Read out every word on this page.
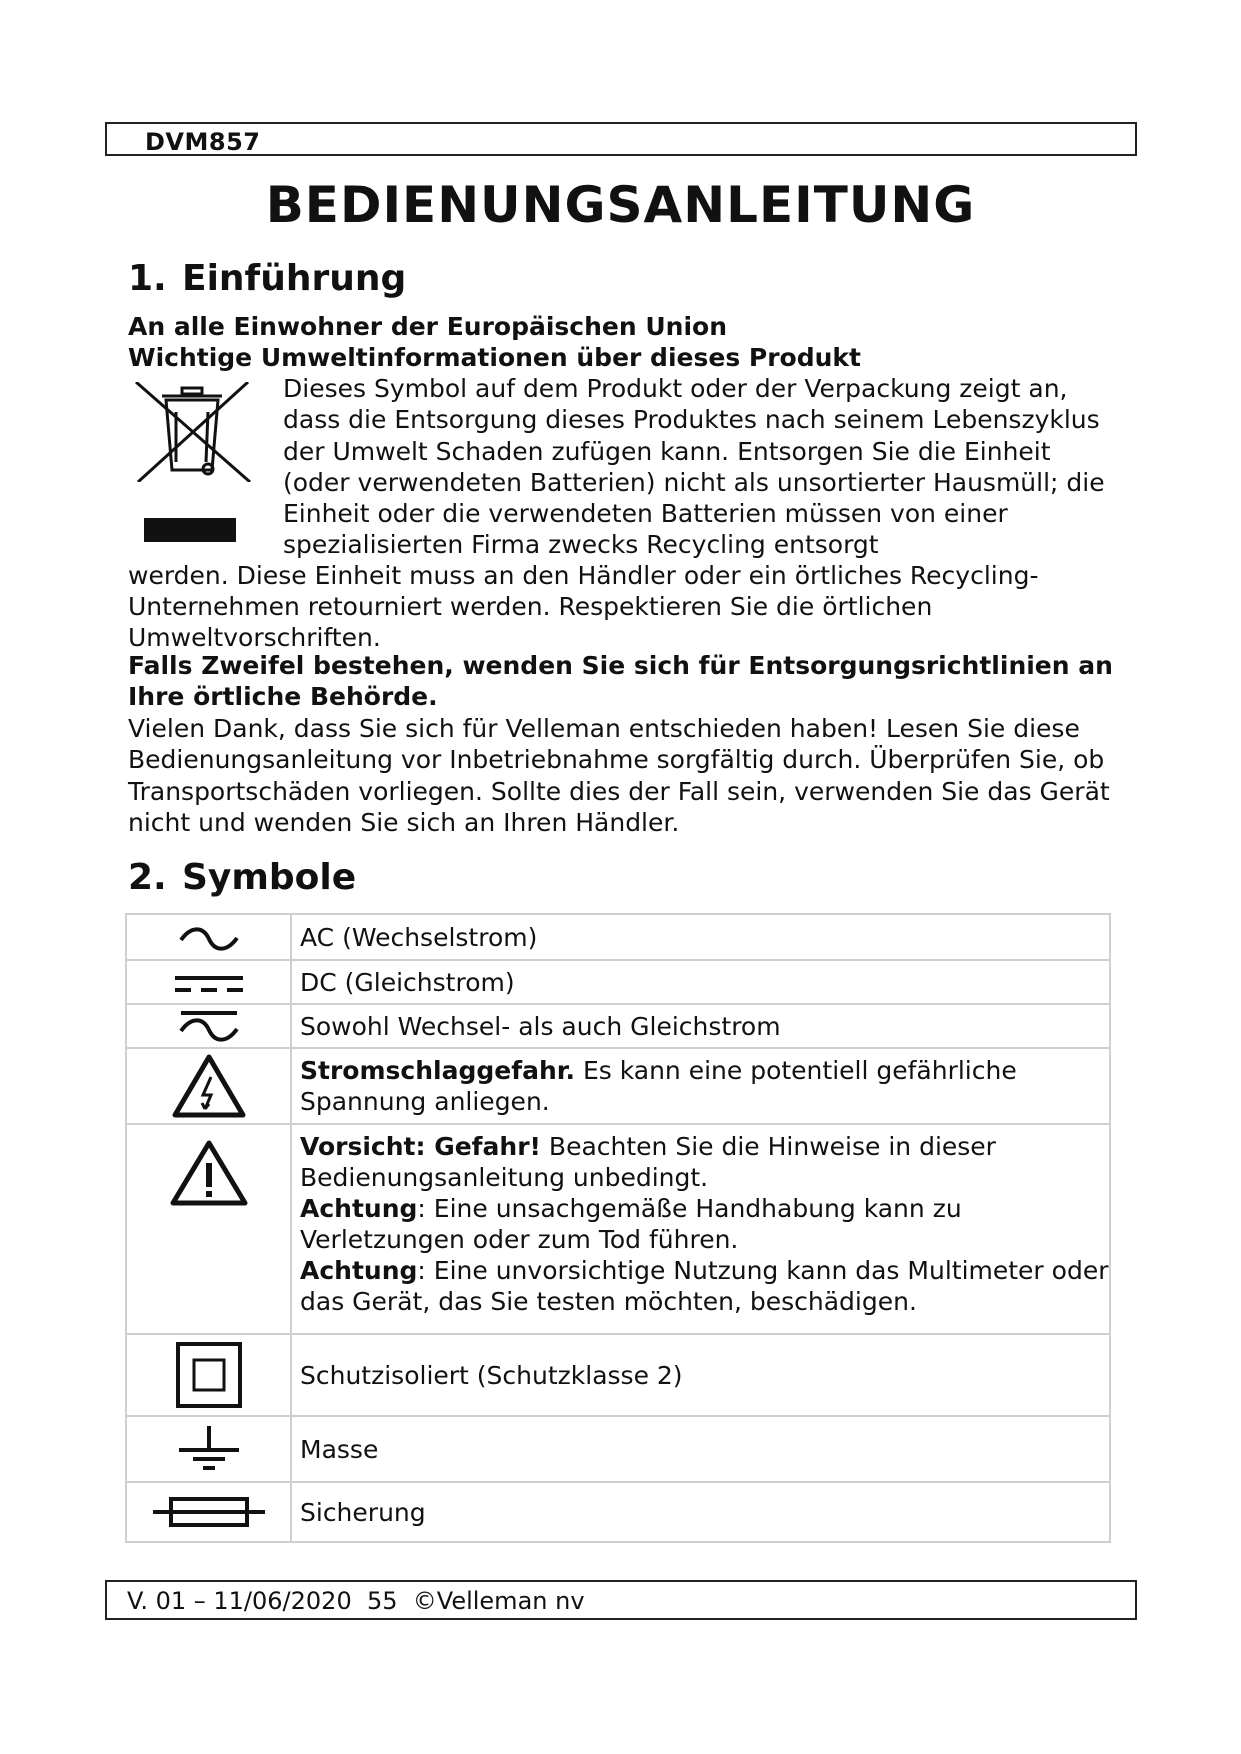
DVM857
BEDIENUNGSANLEITUNG
1. Einführung
An alle Einwohner der Europäischen Union
Wichtige Umweltinformationen über dieses Produkt

Dieses Symbol auf dem Produkt oder der Verpackung zeigt an, dass die Entsorgung dieses Produktes nach seinem Lebenszyklus der Umwelt Schaden zufügen kann. Entsorgen Sie die Einheit (oder verwendeten Batterien) nicht als unsortierter Hausmüll; die Einheit oder die verwendeten Batterien müssen von einer spezialisierten Firma zwecks Recycling entsorgt

werden. Diese Einheit muss an den Händler oder ein örtliches Recycling-Unternehmen retourniert werden. Respektieren Sie die örtlichen Umweltvorschriften.

Falls Zweifel bestehen, wenden Sie sich für Entsorgungsrichtlinien an Ihre örtliche Behörde.

Vielen Dank, dass Sie sich für Velleman entschieden haben! Lesen Sie diese Bedienungsanleitung vor Inbetriebnahme sorgfältig durch. Überprüfen Sie, ob Transportschäden vorliegen. Sollte dies der Fall sein, verwenden Sie das Gerät nicht und wenden Sie sich an Ihren Händler.

2. Symbole
	AC (Wechselstrom)
	DC (Gleichstrom)
	Sowohl Wechsel- als auch Gleichstrom
	Stromschlaggefahr. Es kann eine potentiell gefährliche Spannung anliegen.
	Vorsicht: Gefahr! Beachten Sie die Hinweise in dieser Bedienungsanleitung unbedingt.
Achtung: Eine unsachgemäße Handhabung kann zu Verletzungen oder zum Tod führen.
Achtung: Eine unvorsichtige Nutzung kann das Multimeter oder das Gerät, das Sie testen möchten, beschädigen.
	Schutzisoliert (Schutzklasse 2)
	Masse
	Sicherung
V. 01 – 11/06/2020  55  ©Velleman nv
